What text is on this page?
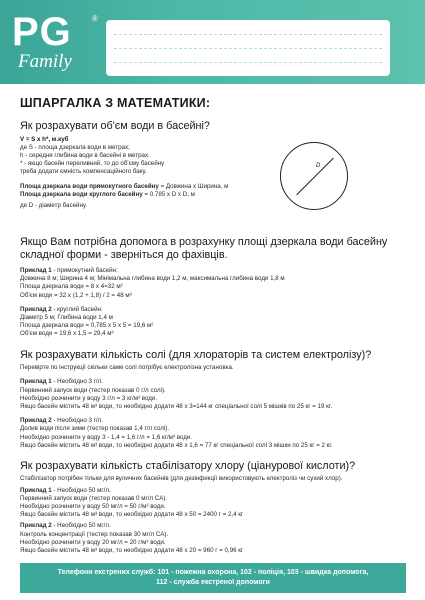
PG	®
Family
ШПАРГАЛКА З МАТЕМАТИКИ:
Як розрахувати об'єм води в басейні?
V = S x h*, м.куб
де S - площа дзеркала води в метрах;
h - середня глибина води в басейні в метрах.
* - якщо басейн переливний, то до об'єму басейну
треба додати ємність компенсаційного баку.
Площа дзеркала води прямокутного басейну = Довжина x Ширина, м
Площа дзеркала води круглого басейну = 0.785 x D x D, м
де D - діаметр басейну.
D
Якщо Вам потрібна допомога в розрахунку площі дзеркала води басейну складної форми - зверніться до фахівців.
Приклад 1 - прямокутний басейн:
Довжина 8 м; Ширина 4 м; Мінімальна глибина води 1,2 м, максимальна глибина води 1,8 м
Площа дзеркала води = 8 x 4=32 м²
Об'єм води = 32 x (1,2 + 1,8) / 2 = 48 м³
Приклад 2 - круглий басейн:
Діаметр 5 м; Глибина води 1,4 м
Площа дзеркала води = 0,785 x 5 x 5 = 19,6 м²
Об'єм води = 19,6 x 1,5 = 29,4 м³
Як розрахувати кількість солі (для хлораторів та систем електролізу)?
Перевірте по інструкції скільки саме солі потрібує електролізна установка.
Приклад 1 - Необхідно 3 г/л.
Первинний запуск води (тестер показав 0 г/л солі).
Необхідно розчинити у воду 3 г/л = 3 кг/м³ води.
Якщо басейн містить 48 м³ води, то необхідно додати 48 x 3=144 кг спеціальної солі 5 мішків по 25 кг = 19 кг.
Приклад 2 - Необхідно 3 г/л.
Долив води після зими (тестер показав 1,4 г/л солі).
Необхідно розчинити у воду 3 - 1,4 = 1,6 г/л = 1,6 кг/м³ води.
Якщо басейн містить 48 м³ води, то необхідно додати 48 x 1,6 = 77 кг спеціальної солі 3 мішки по 25 кг = 2 кг.
Як розрахувати кількість стабілізатору хлору (ціанурової кислоти)?
Стабілізатор потрібен тільки для вуличних басейнів (для дезінфекції використовують електроліз чи сухий хлор).
Приклад 1 - Необхідно 50 мг/л.
Первинний запуск води (тестер показав 0 мг/л CA).
Необхідно розчинити у воду 50 мг/л = 50 г/м³ води.
Якщо басейн містить 48 м³ води, то необхідно додати 48 x 50 = 2400 г = 2,4 кг
Приклад 2 - Необхідно 50 мг/л.
Контроль концентрації (тестер показав 30 мг/л CA).
Необхідно розчинити у воду 20 мг/л = 20 г/м³ води.
Якщо басейн містить 48 м³ води, то необхідно додати 48 x 20 = 960 г = 0,96 кг
Телефони екстрених служб: 101 - пожежна охорона, 102 - поліція, 103 - швидка допомога,
112 - служба екстреної допомоги
